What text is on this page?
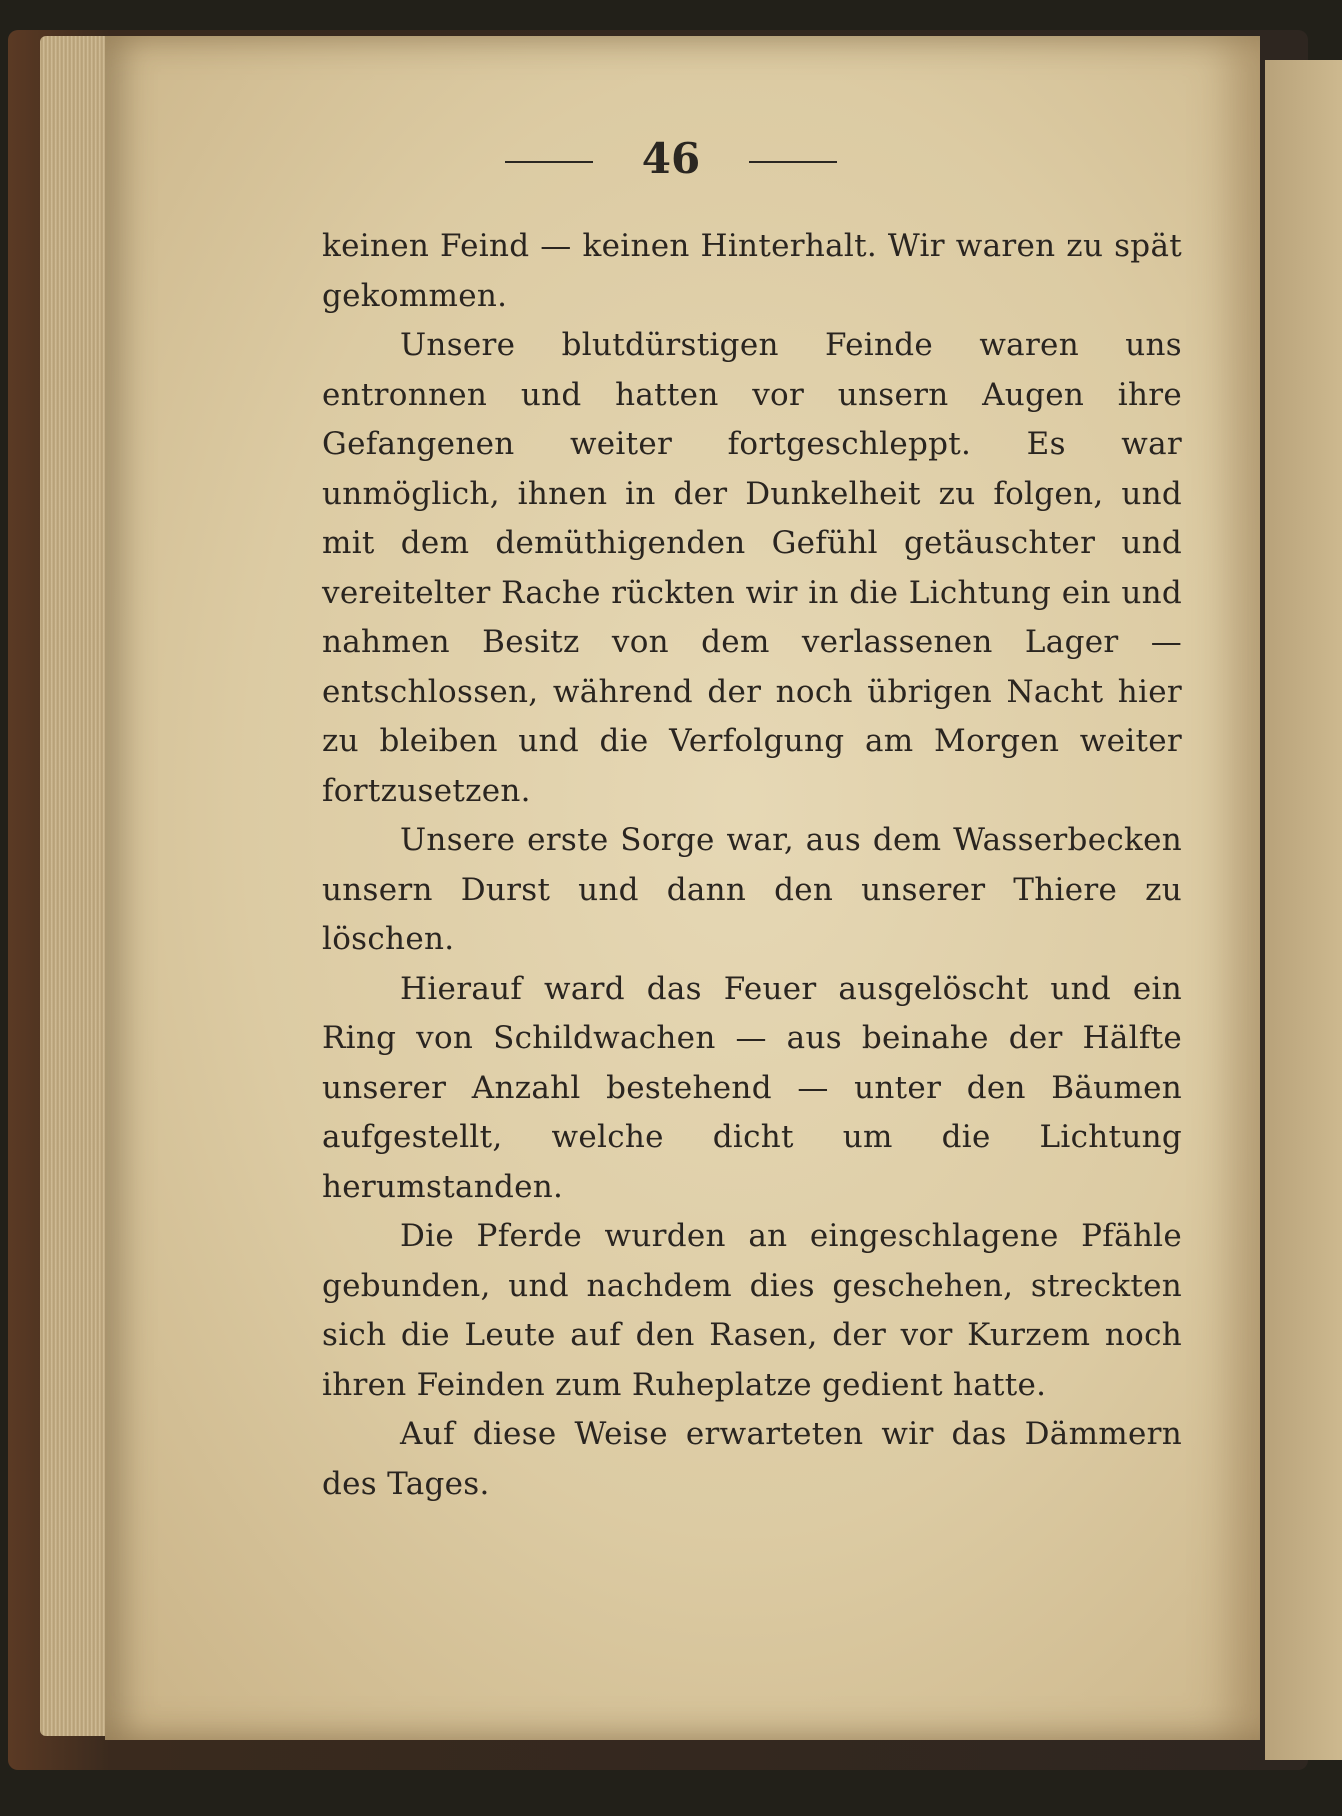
46

keinen Feind — keinen Hinterhalt. Wir waren zu spät gekommen.

Unsere blutdürstigen Feinde waren uns entronnen und hatten vor unsern Augen ihre Gefangenen weiter fortgeschleppt. Es war unmöglich, ihnen in der Dunkelheit zu folgen, und mit dem demüthigenden Gefühl getäuschter und vereitelter Rache rückten wir in die Lichtung ein und nahmen Besitz von dem verlassenen Lager — entschlossen, während der noch übrigen Nacht hier zu bleiben und die Verfolgung am Morgen weiter fortzusetzen.

Unsere erste Sorge war, aus dem Wasserbecken unsern Durst und dann den unserer Thiere zu löschen.

Hierauf ward das Feuer ausgelöscht und ein Ring von Schildwachen — aus beinahe der Hälfte unserer Anzahl bestehend — unter den Bäumen aufgestellt, welche dicht um die Lichtung herumstanden.

Die Pferde wurden an eingeschlagene Pfähle gebunden, und nachdem dies geschehen, streckten sich die Leute auf den Rasen, der vor Kurzem noch ihren Feinden zum Ruheplatze gedient hatte.

Auf diese Weise erwarteten wir das Dämmern des Tages.
